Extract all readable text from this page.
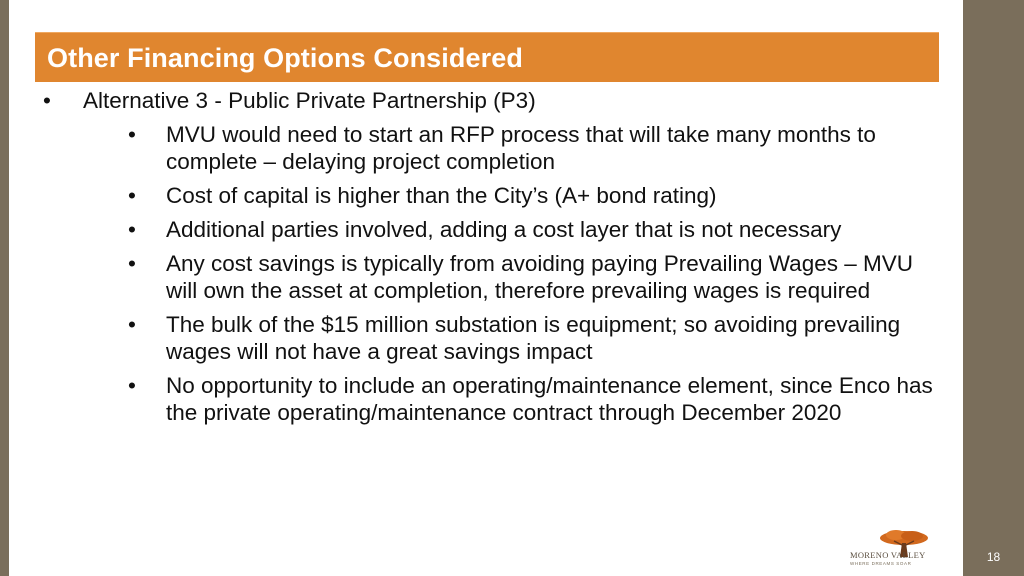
Other Financing Options Considered
• Alternative 3 - Public Private Partnership (P3)
• MVU would need to start an RFP process that will take many months to complete – delaying project completion
• Cost of capital is higher than the City’s (A+ bond rating)
• Additional parties involved, adding a cost layer that is not necessary
• Any cost savings is typically from avoiding paying Prevailing Wages – MVU will own the asset at completion, therefore prevailing wages is required
• The bulk of the $15 million substation is equipment; so avoiding prevailing wages will not have a great savings impact
• No opportunity to include an operating/maintenance element, since Enco has the private operating/maintenance contract through December 2020
MORENO VALLEY
WHERE DREAMS SOAR	18
